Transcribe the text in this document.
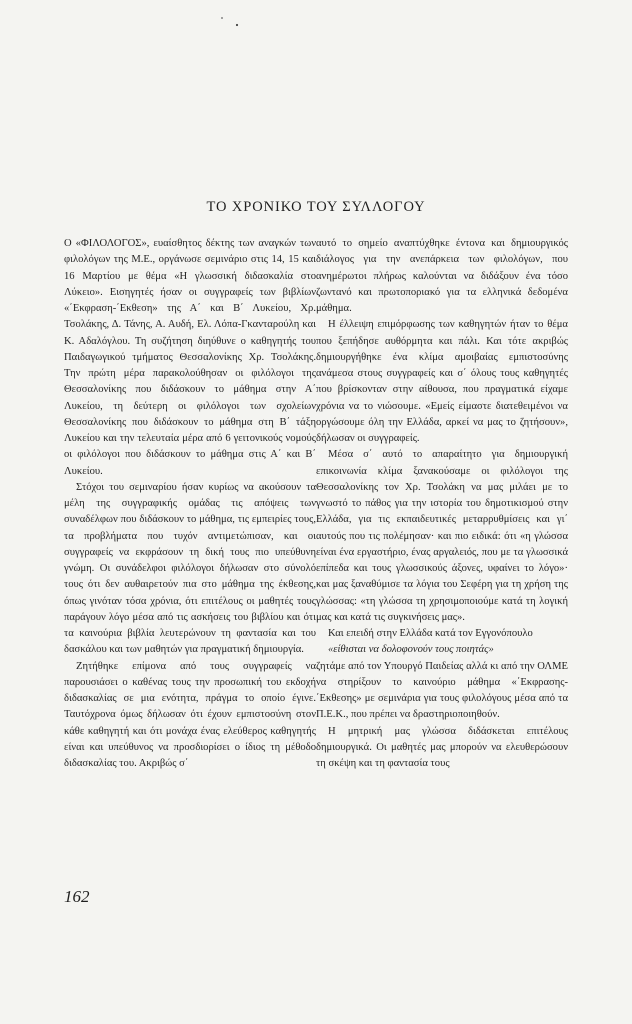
ΤΟ ΧΡΟΝΙΚΟ ΤΟΥ ΣΥΛΛΟΓΟΥ

Ο «ΦΙΛΟΛΟΓΟΣ», ευαίσθητος δέκτης των αναγκών των φιλολόγων της Μ.Ε., οργάνωσε σεμινάριο στις 14, 15 και 16 Μαρτίου με θέμα «Η γλωσσική διδασκαλία στο Λύκειο». Εισηγητές ήσαν οι συγγραφείς των βιβλίων «΄Εκφραση-΄Εκθεση» της Α΄ και Β΄ Λυκείου, Χρ. Τσολάκης, Δ. Τάνης, Α. Αυδή, Ελ. Λόπα-Γκανταρούλη και Κ. Αδαλόγλου. Τη συζήτηση διηύθυνε ο καθηγητής του Παιδαγωγικού τμήματος Θεσσαλονίκης Χρ. Τσολάκης. Την πρώτη μέρα παρακολούθησαν οι φιλόλογοι της Θεσσαλονίκης που διδάσκουν το μάθημα στην Α΄ Λυκείου, τη δεύτερη οι φιλόλογοι των σχολείων Θεσσαλονίκης που διδάσκουν το μάθημα στη Β΄ τάξη Λυκείου και την τελευταία μέρα από 6 γειτονικούς νομούς οι φιλόλογοι που διδάσκουν το μάθημα στις Α΄ και Β΄ Λυκείου.

Στόχοι του σεμιναρίου ήσαν κυρίως να ακούσουν τα μέλη της συγγραφικής ομάδας τις απόψεις των συναδέλφων που διδάσκουν το μάθημα, τις εμπειρίες τους, τα προβλήματα που τυχόν αντιμετώπισαν, και οι συγγραφείς να εκφράσουν τη δική τους πιο υπεύθυνη γνώμη. Οι συνάδελφοι φιλόλογοι δήλωσαν στο σύνολό τους ότι δεν αυθαιρετούν πια στο μάθημα της έκθεσης, όπως γινόταν τόσα χρόνια, ότι επιτέλους οι μαθητές τους παράγουν λόγο μέσα από τις ασκήσεις του βιβλίου και ότι τα καινούρια βιβλία λευτερώνουν τη φαντασία και του δασκάλου και των μαθητών για πραγματική δημιουργία.

Ζητήθηκε επίμονα από τους συγγραφείς να παρουσιάσει ο καθένας τους την προσωπική του εκδοχή διδασκαλίας σε μια ενότητα, πράγμα το οποίο έγινε. Ταυτόχρονα όμως δήλωσαν ότι έχουν εμπιστοσύνη στον κάθε καθηγητή και ότι μονάχα ένας ελεύθερος καθηγητής είναι και υπεύθυνος να προσδιορίσει ο ίδιος τη μέθοδο διδασκαλίας του. Ακριβώς σ΄

αυτό το σημείο αναπτύχθηκε έντονα και δημιουργικός διάλογος για την ανεπάρκεια των φιλολόγων, που ανημέρωτοι πλήρως καλούνται να διδάξουν ένα τόσο ζωντανό και πρωτοποριακό για τα ελληνικά δεδομένα μάθημα.

Η έλλειψη επιμόρφωσης των καθηγητών ήταν το θέμα που ξεπήδησε αυθόρμητα και πάλι. Και τότε ακριβώς δημιουργήθηκε ένα κλίμα αμοιβαίας εμπιστοσύνης ανάμεσα στους συγγραφείς και σ΄ όλους τους καθηγητές που βρίσκονταν στην αίθουσα, που πραγματικά είχαμε χρόνια να το νιώσουμε. «Εμείς είμαστε διατεθειμένοι να οργώσουμε όλη την Ελλάδα, αρκεί να μας το ζητήσουν», δήλωσαν οι συγγραφείς.

Μέσα σ΄ αυτό το απαραίτητο για δημιουργική επικοινωνία κλίμα ξανακούσαμε οι φιλόλογοι της Θεσσαλονίκης τον Χρ. Τσολάκη να μας μιλάει με το γνωστό το πάθος για την ιστορία του δημοτικισμού στην Ελλάδα, για τις εκπαιδευτικές μεταρρυθμίσεις και γι΄ αυτούς που τις πολέμησαν· και πιο ειδικά: ότι «η γλώσσα είναι ένα εργαστήριο, ένας αργαλειός, που με τα γλωσσικά επίπεδα και τους γλωσσικούς άξονες, υφαίνει το λόγο»· και μας ξαναθύμισε τα λόγια του Σεφέρη για τη χρήση της γλώσσας: «τη γλώσσα τη χρησιμοποιούμε κατά τη λογική μας και κατά τις συγκινήσεις μας».

Και επειδή στην Ελλάδα κατά τον Εγγονόπουλο

«είθισται να δολοφονούν τους ποιητάς»

ζητάμε από τον Υπουργό Παιδείας αλλά κι από την ΟΛΜΕ να στηρίξουν το καινούριο μάθημα «΄Εκφρασης-΄Εκθεσης» με σεμινάρια για τους φιλολόγους μέσα από τα Π.Ε.Κ., που πρέπει να δραστηριοποιηθούν.

Η μητρική μας γλώσσα διδάσκεται επιτέλους δημιουργικά. Οι μαθητές μας μπορούν να ελευθερώσουν τη σκέψη και τη φαντασία τους

162
